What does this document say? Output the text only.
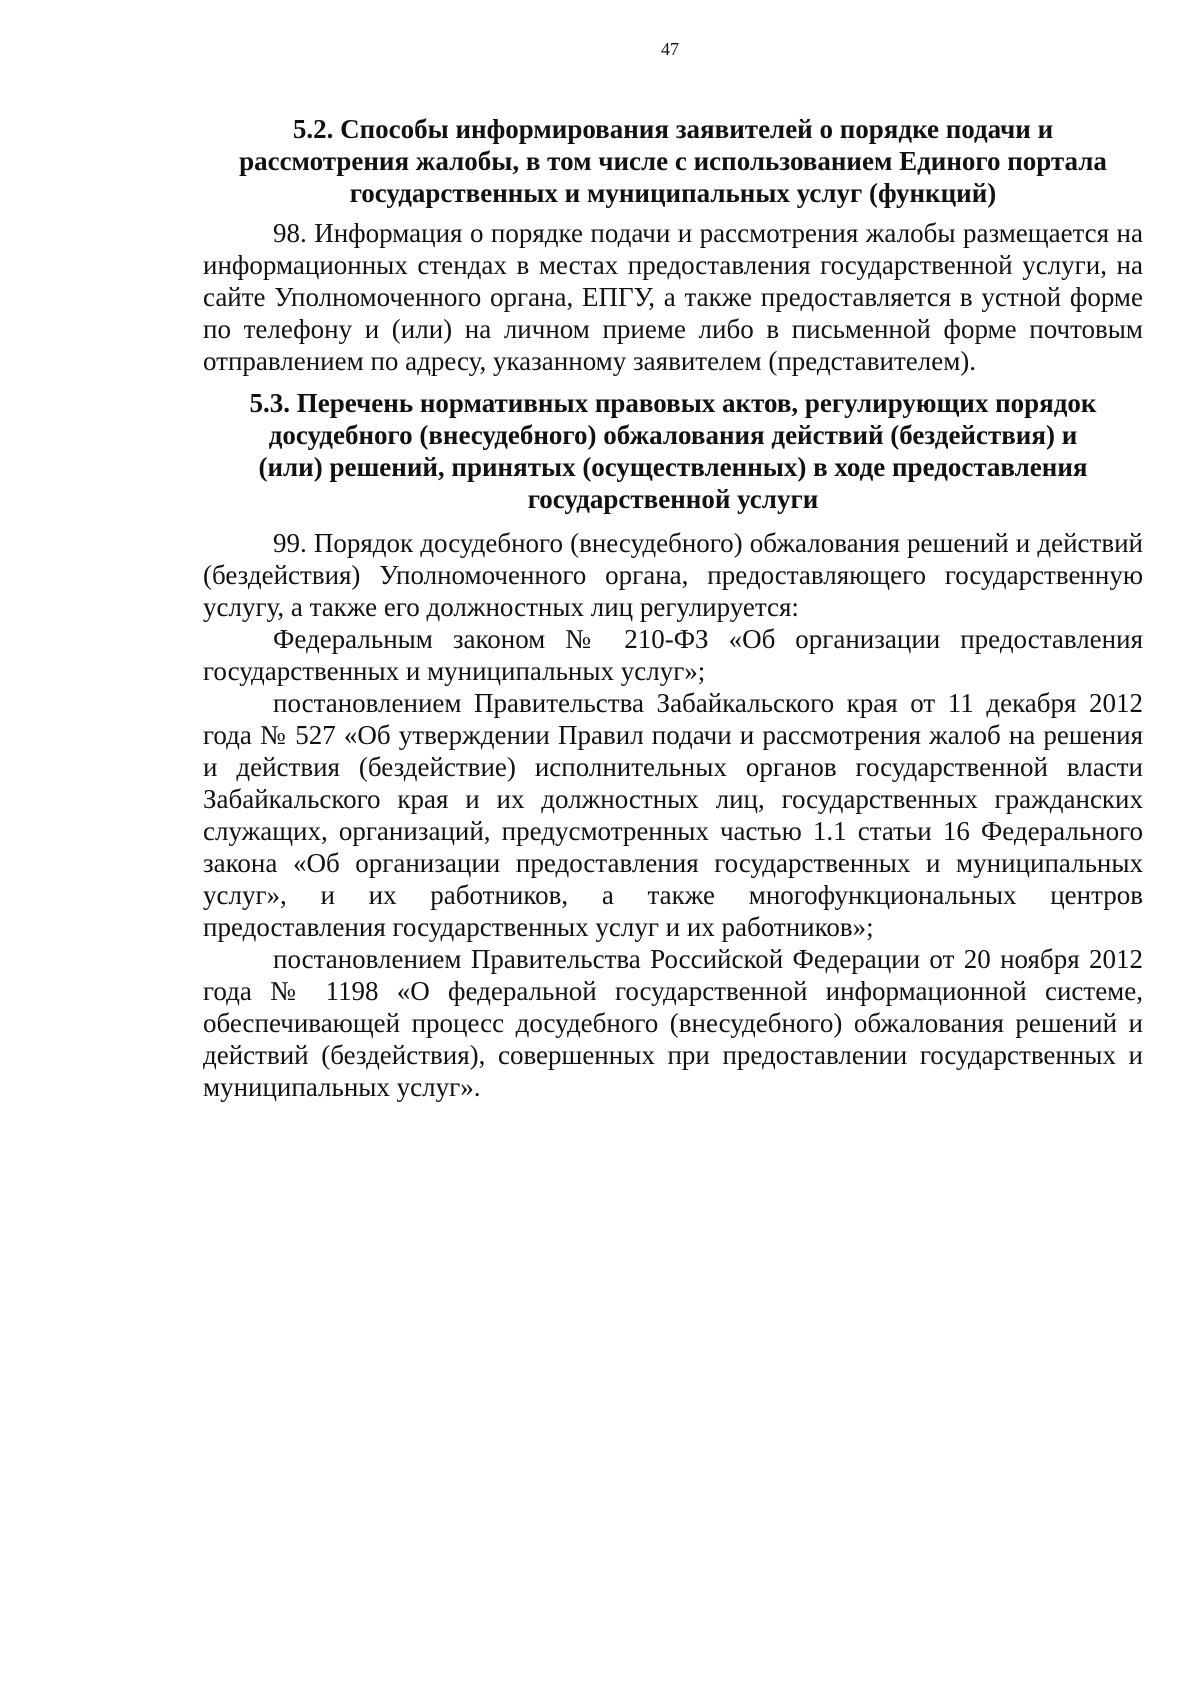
47
5.2. Способы информирования заявителей о порядке подачи и
рассмотрения жалобы, в том числе с использованием Единого портала
государственных и муниципальных услуг (функций)

98. Информация о порядке подачи и рассмотрения жалобы размещается на информационных стендах в местах предоставления государственной услуги, на сайте Уполномоченного органа, ЕПГУ, а также предоставляется в устной форме по телефону и (или) на личном приеме либо в письменной форме почтовым отправлением по адресу, указанному заявителем (представителем).

5.3. Перечень нормативных правовых актов, регулирующих порядок
досудебного (внесудебного) обжалования действий (бездействия) и
(или) решений, принятых (осуществленных) в ходе предоставления
государственной услуги

99. Порядок досудебного (внесудебного) обжалования решений и действий (бездействия) Уполномоченного органа, предоставляющего государственную услугу, а также его должностных лиц регулируется:

Федеральным законом № 210-ФЗ «Об организации предоставления государственных и муниципальных услуг»;

постановлением Правительства Забайкальского края от 11 декабря 2012 года № 527 «Об утверждении Правил подачи и рассмотрения жалоб на решения и действия (бездействие) исполнительных органов государственной власти Забайкальского края и их должностных лиц, государственных гражданских служащих, организаций, предусмотренных частью 1.1 статьи 16 Федерального закона «Об организации предоставления государственных и муниципальных услуг», и их работников, а также многофункциональных центров предоставления государственных услуг и их работников»;

постановлением Правительства Российской Федерации от 20 ноября 2012 года № 1198 «О федеральной государственной информационной системе, обеспечивающей процесс досудебного (внесудебного) обжалования решений и действий (бездействия), совершенных при предоставлении государственных и муниципальных услуг».
